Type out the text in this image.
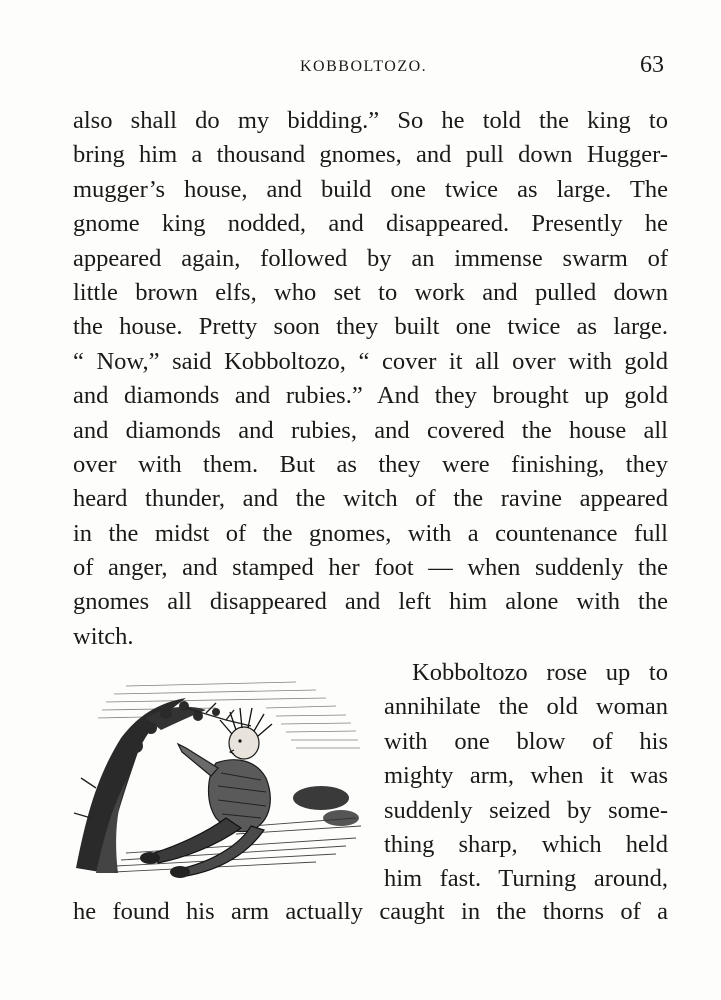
KOBBOLTOZO.	63
also shall do my bidding.” So he told the king to
bring him a thousand gnomes, and pull down Hugger-
mugger’s house, and build one twice as large. The
gnome king nodded, and disappeared. Presently he
appeared again, followed by an immense swarm of
little brown elfs, who set to work and pulled down
the house. Pretty soon they built one twice as large.
“ Now,” said Kobboltozo, “ cover it all over with gold
and diamonds and rubies.” And they brought up gold
and diamonds and rubies, and covered the house all
over with them. But as they were finishing, they
heard thunder, and the witch of the ravine appeared
in the midst of the gnomes, with a countenance full
of anger, and stamped her foot — when suddenly the
gnomes all disappeared and left him alone with the
witch.
Kobboltozo rose up to
annihilate the old woman
with one blow of his
mighty arm, when it was
suddenly seized by some-
thing sharp, which held
him fast. Turning around,
he found his arm actually caught in the thorns of a
